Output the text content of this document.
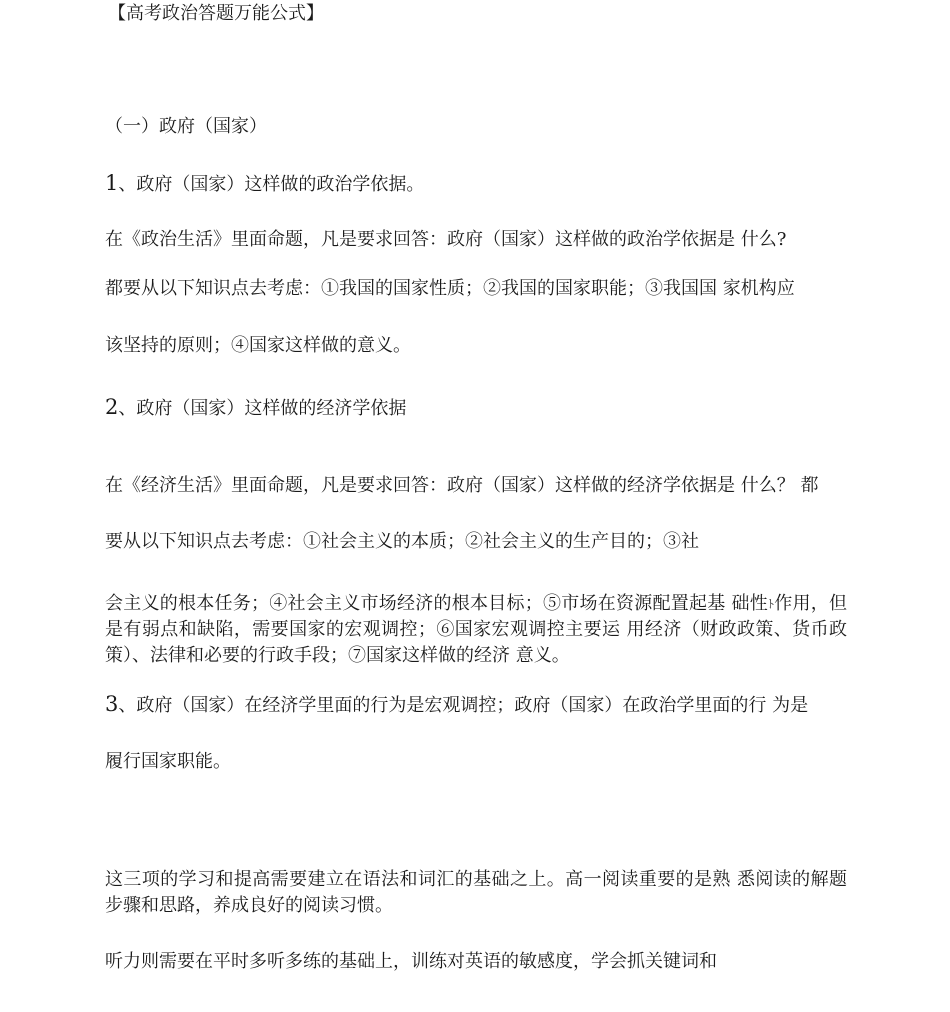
【高考政治答题万能公式】

（一）政府（国家）

1、政府（国家）这样做的政治学依据。

在《政治生活》里面命题，凡是要求回答：政府（国家）这样做的政治学依据是 什么?

都要从以下知识点去考虑：①我国的国家性质；②我国的国家职能；③我国国 家机构应

该坚持的原则；④国家这样做的意义。

2、政府（国家）这样做的经济学依据

在《经济生活》里面命题，凡是要求回答：政府（国家）这样做的经济学依据是 什么？ 都

要从以下知识点去考虑：①社会主义的本质；②社会主义的生产目的；③社

会主义的根本任务；④社会主义市场经济的根本目标；⑤市场在资源配置起基 础性$^ﾄ$作用，但是有弱点和缺陷，需要国家的宏观调控；⑥国家宏观调控主要运 用经济（财政政策、货币政策）、法律和必要的行政手段；⑦国家这样做的经济 意义。

3、政府（国家）在经济学里面的行为是宏观调控；政府（国家）在政治学里面的行 为是

履行国家职能。

这三项的学习和提高需要建立在语法和词汇的基础之上。高一阅读重要的是熟 悉阅读的解题步骤和思路，养成良好的阅读习惯。

听力则需要在平时多听多练的基础上，训练对英语的敏感度，学会抓关键词和
